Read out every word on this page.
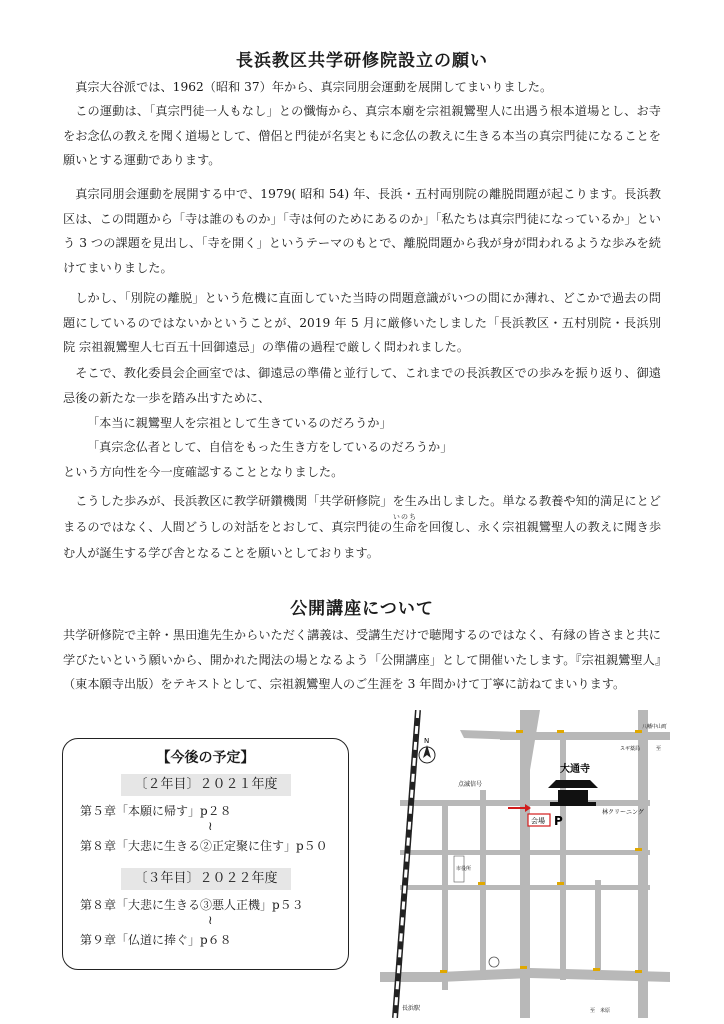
長浜教区共学研修院設立の願い

真宗大谷派では、1962（昭和 37）年から、真宗同朋会運動を展開してまいりました。

この運動は、「真宗門徒一人もなし」との懺悔から、真宗本廟を宗祖親鸞聖人に出遇う根本道場とし、お寺をお念仏の教えを聞く道場として、僧侶と門徒が名実ともに念仏の教えに生きる本当の真宗門徒になることを願いとする運動であります。

真宗同朋会運動を展開する中で、1979( 昭和 54) 年、長浜・五村両別院の離脱問題が起こります。長浜教区は、この問題から「寺は誰のものか」「寺は何のためにあるのか」「私たちは真宗門徒になっているか」という 3 つの課題を見出し、「寺を開く」というテーマのもとで、離脱問題から我が身が問われるような歩みを続けてまいりました。

しかし、「別院の離脱」という危機に直面していた当時の問題意識がいつの間にか薄れ、どこかで過去の問題にしているのではないかということが、2019 年 5 月に厳修いたしました「長浜教区・五村別院・長浜別院 宗祖親鸞聖人七百五十回御遠忌」の準備の過程で厳しく問われました。

そこで、教化委員会企画室では、御遠忌の準備と並行して、これまでの長浜教区での歩みを振り返り、御遠忌後の新たな一歩を踏み出すために、

「本当に親鸞聖人を宗祖として生きているのだろうか」

「真宗念仏者として、自信をもった生き方をしているのだろうか」

という方向性を今一度確認することとなりました。

こうした歩みが、長浜教区に教学研鑽機関「共学研修院」を生み出しました。単なる教養や知的満足にとどまるのではなく、人間どうしの対話をとおして、真宗門徒の生命いのちを回復し、永く宗祖親鸞聖人の教えに聞き歩む人が誕生する学び舎となることを願いとしております。

公開講座について

共学研修院で主幹・黒田進先生からいただく講義は、受講生だけで聴聞するのではなく、有縁の皆さまと共に学びたいという願いから、開かれた聞法の場となるよう「公開講座」として開催いたします。『宗祖親鸞聖人』（東本願寺出版）をテキストとして、宗祖親鸞聖人のご生涯を 3 年間かけて丁寧に訪ねてまいります。

【今後の予定】

〔２年目〕２０２１年度

第５章「本願に帰す」p２８

≀

第８章「大悲に生きる②正定聚に住す」p５０

〔３年目〕２０２２年度

第８章「大悲に生きる③悪人正機」p５３

≀

第９章「仏道に捧ぐ」p６８

N
大通寺
会場 P
点滅信号
八幡中山町
至
スギ薬局
林クリーニング
長浜駅	至　米原
市役所
